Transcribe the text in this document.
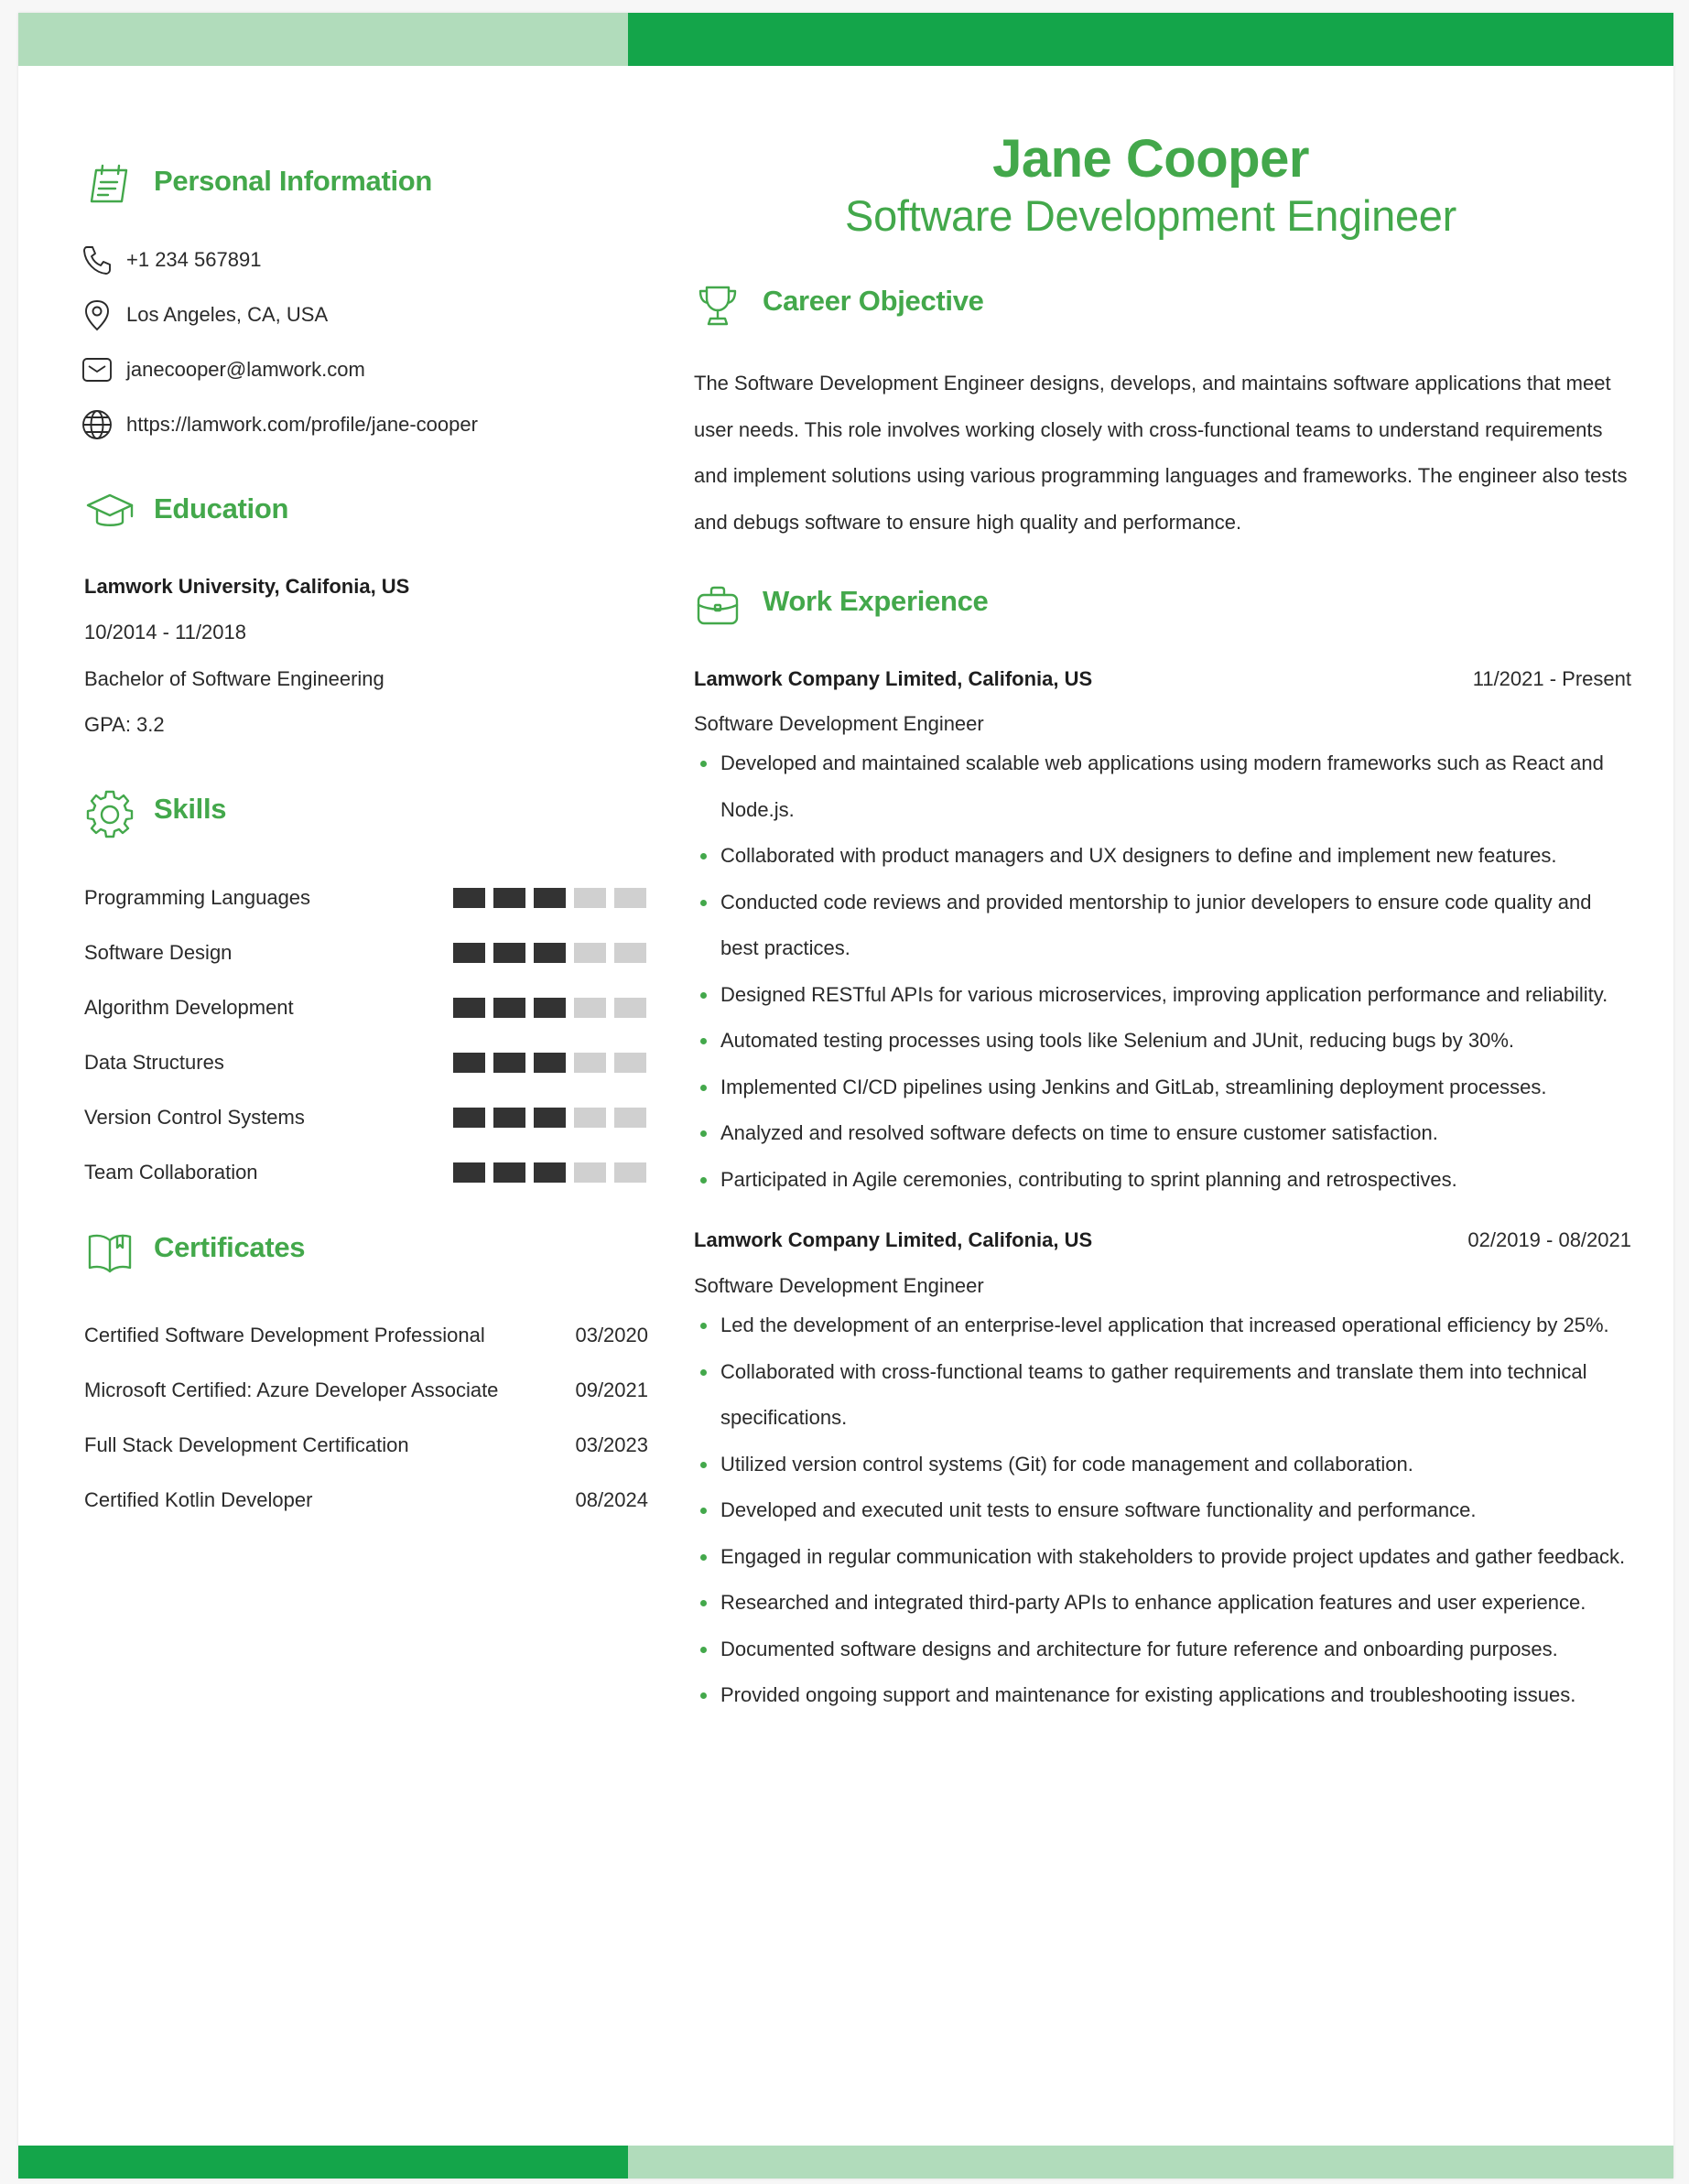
Personal Information
+1 234 567891
Los Angeles, CA, USA
janecooper@lamwork.com
https://lamwork.com/profile/jane-cooper
Education
Lamwork University, Califonia, US
10/2014 - 11/2018
Bachelor of Software Engineering
GPA: 3.2
Skills
Programming Languages
Software Design
Algorithm Development
Data Structures
Version Control Systems
Team Collaboration
Certificates
Certified Software Development Professional	03/2020
Microsoft Certified: Azure Developer Associate	09/2021
Full Stack Development Certification	03/2023
Certified Kotlin Developer	08/2024
Jane Cooper
Software Development Engineer
Career Objective
The Software Development Engineer designs, develops, and maintains software applications that meet user needs. This role involves working closely with cross-functional teams to understand requirements and implement solutions using various programming languages and frameworks. The engineer also tests and debugs software to ensure high quality and performance.
Work Experience
Lamwork Company Limited, Califonia, US	11/2021 - Present
Software Development Engineer
Developed and maintained scalable web applications using modern frameworks such as React and Node.js.
Collaborated with product managers and UX designers to define and implement new features.
Conducted code reviews and provided mentorship to junior developers to ensure code quality and best practices.
Designed RESTful APIs for various microservices, improving application performance and reliability.
Automated testing processes using tools like Selenium and JUnit, reducing bugs by 30%.
Implemented CI/CD pipelines using Jenkins and GitLab, streamlining deployment processes.
Analyzed and resolved software defects on time to ensure customer satisfaction.
Participated in Agile ceremonies, contributing to sprint planning and retrospectives.
Lamwork Company Limited, Califonia, US	02/2019 - 08/2021
Software Development Engineer
Led the development of an enterprise-level application that increased operational efficiency by 25%.
Collaborated with cross-functional teams to gather requirements and translate them into technical specifications.
Utilized version control systems (Git) for code management and collaboration.
Developed and executed unit tests to ensure software functionality and performance.
Engaged in regular communication with stakeholders to provide project updates and gather feedback.
Researched and integrated third-party APIs to enhance application features and user experience.
Documented software designs and architecture for future reference and onboarding purposes.
Provided ongoing support and maintenance for existing applications and troubleshooting issues.
